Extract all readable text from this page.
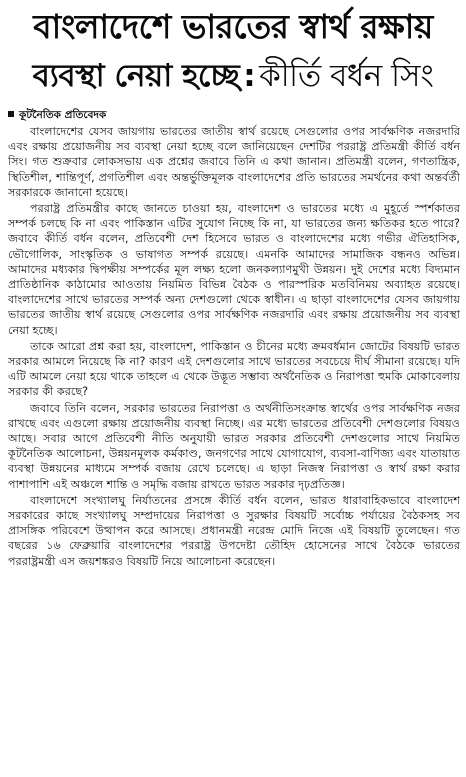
বাংলাদেশে ভারতের স্বার্থ রক্ষায়
ব্যবস্থা নেয়া হচ্ছে : কীর্তি বর্ধন সিং
কূটনৈতিক প্রতিবেদক

বাংলাদেশের যেসব জায়গায় ভারতের জাতীয় স্বার্থ রয়েছে সেগুলোর ওপর সার্বক্ষণিক নজরদারি এবং রক্ষায় প্রয়োজনীয় সব ব্যবস্থা নেয়া হচ্ছে বলে জানিয়েছেন দেশটির পররাষ্ট্র প্রতিমন্ত্রী কীর্তি বর্ধন সিং। গত শুক্রবার লোকসভায় এক প্রশ্নের জবাবে তিনি এ কথা জানান। প্রতিমন্ত্রী বলেন, গণতান্ত্রিক, স্থিতিশীল, শান্তিপূর্ণ, প্রগতিশীল এবং অন্তর্ভুক্তিমূলক বাংলাদেশের প্রতি ভারতের সমর্থনের কথা অন্তর্বর্তী সরকারকে জানানো হয়েছে।

পররাষ্ট্র প্রতিমন্ত্রীর কাছে জানতে চাওয়া হয়, বাংলাদেশ ও ভারতের মধ্যে এ মুহূর্তে স্পর্শকাতর সম্পর্ক চলছে কি না এবং পাকিস্তান এটির সুযোগ নিচ্ছে কি না, যা ভারতের জন্য ক্ষতিকর হতে পারে? জবাবে কীর্তি বর্ধন বলেন, প্রতিবেশী দেশ হিসেবে ভারত ও বাংলাদেশের মধ্যে গভীর ঐতিহাসিক, ভৌগোলিক, সাংস্কৃতিক ও ভাষাগত সম্পর্ক রয়েছে। এমনকি আমাদের সামাজিক বন্ধনও অভিন্ন। আমাদের মধ্যকার দ্বিপক্ষীয় সম্পর্কের মূল লক্ষ্য হলো জনকল্যাণমুখী উন্নয়ন। দুই দেশের মধ্যে বিদ্যমান প্রাতিষ্ঠানিক কাঠামোর আওতায় নিয়মিত বিভিন্ন বৈঠক ও পারস্পরিক মতবিনিময় অব্যাহত রয়েছে। বাংলাদেশের সাথে ভারতের সম্পর্ক অন্য দেশগুলো থেকে স্বাধীন। এ ছাড়া বাংলাদেশের যেসব জায়গায় ভারতের জাতীয় স্বার্থ রয়েছে সেগুলোর ওপর সার্বক্ষণিক নজরদারি এবং রক্ষায় প্রয়োজনীয় সব ব্যবস্থা নেয়া হচ্ছে।

তাকে আরো প্রশ্ন করা হয়, বাংলাদেশ, পাকিস্তান ও চীনের মধ্যে ক্রমবর্ধমান জোটের বিষয়টি ভারত সরকার আমলে নিয়েছে কি না? কারণ এই দেশগুলোর সাথে ভারতের সবচেয়ে দীর্ঘ সীমানা রয়েছে। যদি এটি আমলে নেয়া হয়ে থাকে তাহলে এ থেকে উদ্ভূত সম্ভাব্য অর্থনৈতিক ও নিরাপত্তা হুমকি মোকাবেলায় সরকার কী করছে?

জবাবে তিনি বলেন, সরকার ভারতের নিরাপত্তা ও অর্থনীতিসংক্রান্ত স্বার্থের ওপর সার্বক্ষণিক নজর রাখছে এবং এগুলো রক্ষায় প্রয়োজনীয় ব্যবস্থা নিচ্ছে। এর মধ্যে ভারতের প্রতিবেশী দেশগুলোর বিষয়ও আছে। সবার আগে প্রতিবেশী নীতি অনুযায়ী ভারত সরকার প্রতিবেশী দেশগুলোর সাথে নিয়মিত কূটনৈতিক আলোচনা, উন্নয়নমূলক কর্মকাণ্ড, জনগণের সাথে যোগাযোগ, ব্যবসা-বাণিজ্য এবং যাতায়াত ব্যবস্থা উন্নয়নের মাধ্যমে সম্পর্ক বজায় রেখে চলেছে। এ ছাড়া নিজস্ব নিরাপত্তা ও স্বার্থ রক্ষা করার পাশাপাশি এই অঞ্চলে শান্তি ও সমৃদ্ধি বজায় রাখতে ভারত সরকার দৃঢ়প্রতিজ্ঞ।

বাংলাদেশে সংখ্যালঘু নির্যাতনের প্রসঙ্গে কীর্তি বর্ধন বলেন, ভারত ধারাবাহিকভাবে বাংলাদেশ সরকারের কাছে সংখ্যালঘু সম্প্রদায়ের নিরাপত্তা ও সুরক্ষার বিষয়টি সর্বোচ্চ পর্যায়ের বৈঠকসহ সব প্রাসঙ্গিক পরিবেশে উত্থাপন করে আসছে। প্রধানমন্ত্রী নরেন্দ্র মোদি নিজে এই বিষয়টি তুলেছেন। গত বছরের ১৬ ফেব্রুয়ারি বাংলাদেশের পররাষ্ট্র উপদেষ্টা তৌহিদ হোসেনের সাথে বৈঠকে ভারতের পররাষ্ট্রমন্ত্রী এস জয়শঙ্করও বিষয়টি নিয়ে আলোচনা করেছেন।
